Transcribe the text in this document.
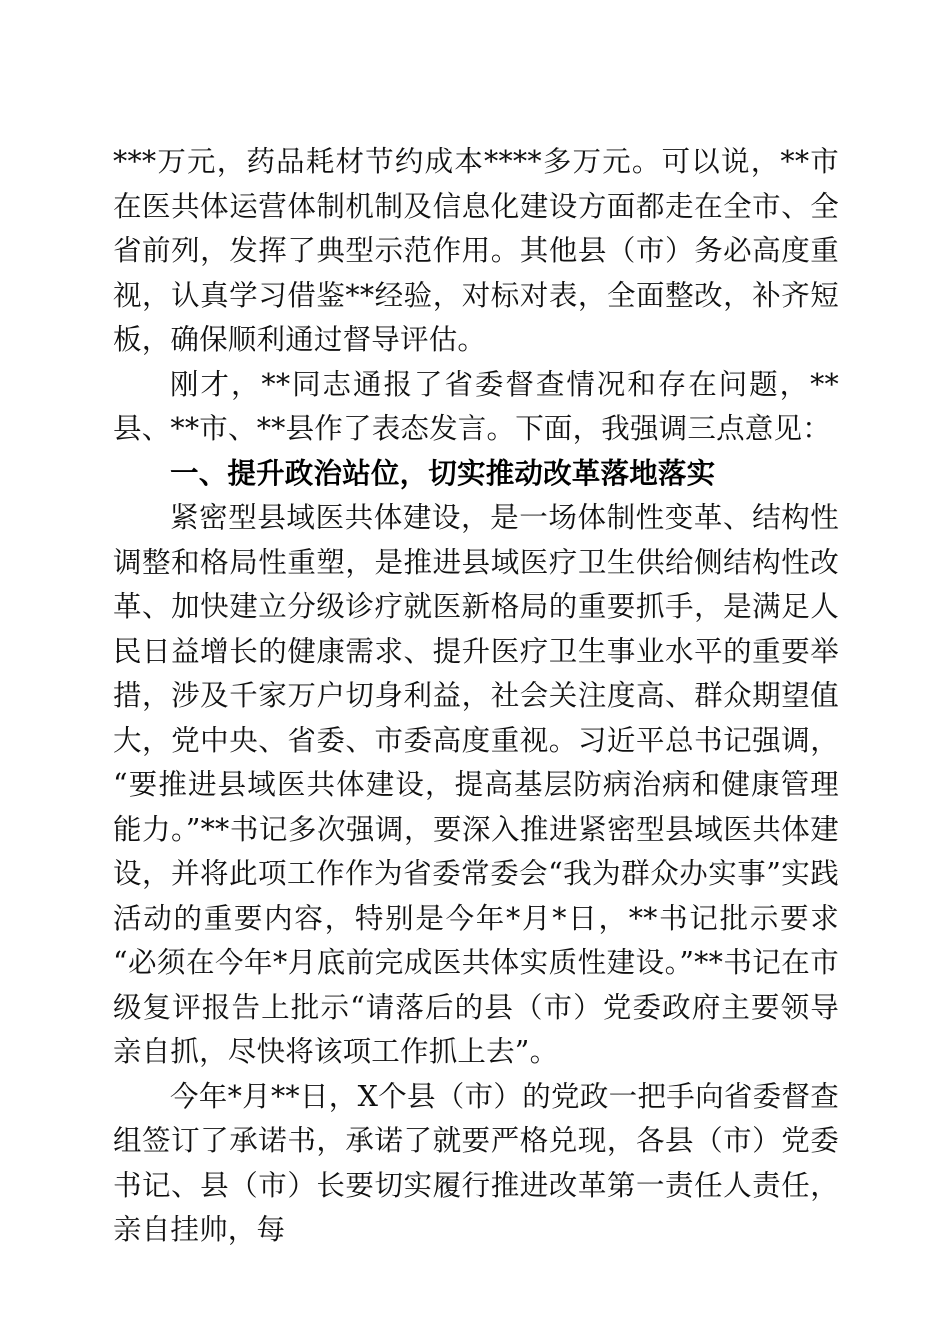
***万元，药品耗材节约成本****多万元。可以说，**市在医共体运营体制机制及信息化建设方面都走在全市、全省前列，发挥了典型示范作用。其他县（市）务必高度重视，认真学习借鉴**经验，对标对表，全面整改，补齐短板，确保顺利通过督导评估。

刚才，**同志通报了省委督查情况和存在问题，**县、**市、**县作了表态发言。下面，我强调三点意见：

一、提升政治站位，切实推动改革落地落实

紧密型县域医共体建设，是一场体制性变革、结构性调整和格局性重塑，是推进县域医疗卫生供给侧结构性改革、加快建立分级诊疗就医新格局的重要抓手，是满足人民日益增长的健康需求、提升医疗卫生事业水平的重要举措，涉及千家万户切身利益，社会关注度高、群众期望值大，党中央、省委、市委高度重视。习近平总书记强调，“要推进县域医共体建设，提高基层防病治病和健康管理能力。”**书记多次强调，要深入推进紧密型县域医共体建设，并将此项工作作为省委常委会“我为群众办实事”实践活动的重要内容，特别是今年*月*日，**书记批示要求“必须在今年*月底前完成医共体实质性建设。”**书记在市级复评报告上批示“请落后的县（市）党委政府主要领导亲自抓，尽快将该项工作抓上去”。

今年*月**日，X个县（市）的党政一把手向省委督查组签订了承诺书，承诺了就要严格兑现，各县（市）党委书记、县（市）长要切实履行推进改革第一责任人责任，亲自挂帅，每
